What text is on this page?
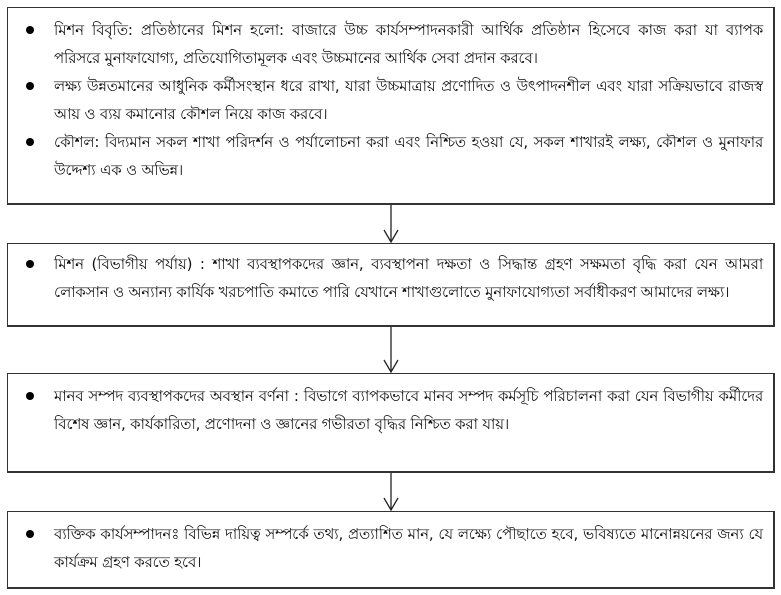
মিশন বিবৃতি: প্রতিষ্ঠানের মিশন হলো: বাজারে উচ্চ কার্যসম্পাদনকারী আর্থিক প্রতিষ্ঠান হিসেবে কাজ করা যা ব্যাপক পরিসরে মুনাফাযোগ্য, প্রতিযোগিতামূলক এবং উচ্চমানের আর্থিক সেবা প্রদান করবে।
লক্ষ্য উন্নতমানের আধুনিক কর্মীসংস্থান ধরে রাখা, যারা উচ্চমাত্রায় প্রণোদিত ও উৎপাদনশীল এবং যারা সক্রিয়ভাবে রাজস্ব আয় ও ব্যয় কমানোর কৌশল নিয়ে কাজ করবে।
কৌশল: বিদ্যমান সকল শাখা পরিদর্শন ও পর্যালোচনা করা এবং নিশ্চিত হওয়া যে, সকল শাখারই লক্ষ্য, কৌশল ও মুনাফার উদ্দেশ্য এক ও অভিন্ন।
মিশন (বিভাগীয় পর্যায়) : শাখা ব্যবস্থাপকদের জ্ঞান, ব্যবস্থাপনা দক্ষতা ও সিদ্ধান্ত গ্রহণ সক্ষমতা বৃদ্ধি করা যেন আমরা লোকসান ও অন্যান্য কার্যিক খরচপাতি কমাতে পারি যেখানে শাখাগুলোতে মুনাফাযোগ্যতা সর্বাধীকরণ আমাদের লক্ষ্য।
মানব সম্পদ ব্যবস্থাপকদের অবস্থান বর্ণনা : বিভাগে ব্যাপকভাবে মানব সম্পদ কর্মসূচি পরিচালনা করা যেন বিভাগীয় কর্মীদের বিশেষ জ্ঞান, কার্যকারিতা, প্রণোদনা ও জ্ঞানের গভীরতা বৃদ্ধির নিশ্চিত করা যায়।
ব্যক্তিক কার্যসম্পাদনঃ বিভিন্ন দায়িত্ব সম্পর্কে তথ্য, প্রত্যাশিত মান, যে লক্ষ্যে পৌছাতে হবে, ভবিষ্যতে মানোন্নয়নের জন্য যে কার্যক্রম গ্রহণ করতে হবে।
